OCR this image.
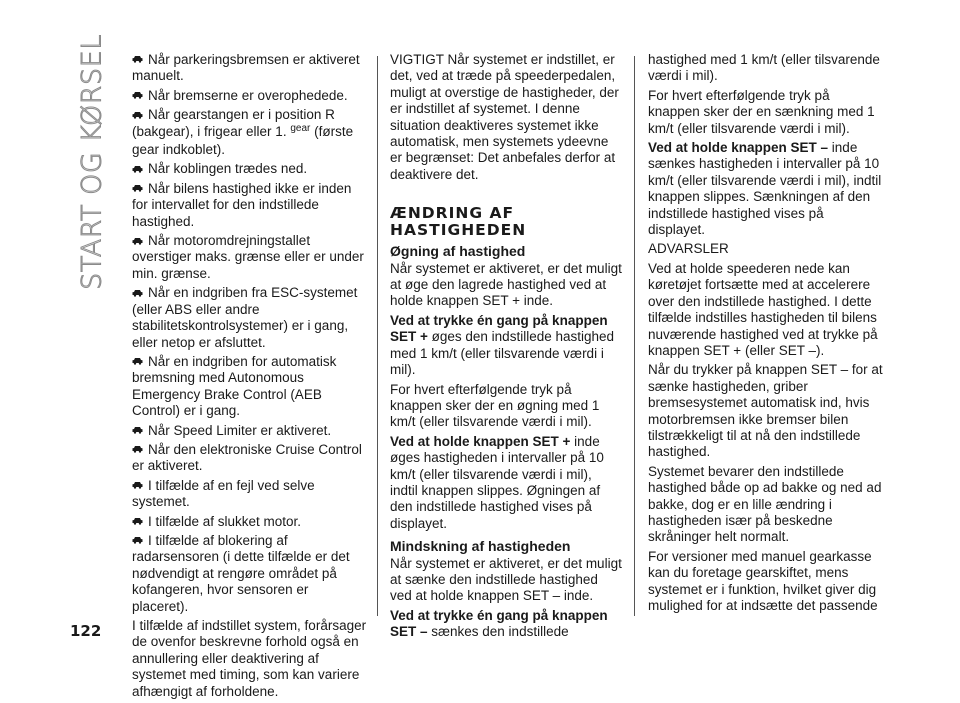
START OG KØRSEL	Når parkeringsbremsen er aktiveret manuelt.

Når bremserne er overophedede.

Når gearstangen er i position R (bakgear), i frigear eller 1. $^{gear}$ (første gear indkoblet).

Når koblingen trædes ned.

Når bilens hastighed ikke er inden for intervallet for den indstillede hastighed.

Når motoromdrejningstallet overstiger maks. grænse eller er under min. grænse.

Når en indgriben fra ESC-systemet (eller ABS eller andre stabilitetskontrolsystemer) er i gang, eller netop er afsluttet.

Når en indgriben for automatisk bremsning med Autonomous Emergency Brake Control (AEB Control) er i gang.

Når Speed Limiter er aktiveret.

Når den elektroniske Cruise Control er aktiveret.

I tilfælde af en fejl ved selve systemet.

I tilfælde af slukket motor.

I tilfælde af blokering af radarsensoren (i dette tilfælde er det nødvendigt at rengøre området på kofangeren, hvor sensoren er placeret).

I tilfælde af indstillet system, forårsager de ovenfor beskrevne forhold også en annullering eller deaktivering af systemet med timing, som kan variere afhængigt af forholdene.

VIGTIGT Når systemet er indstillet, er det, ved at træde på speederpedalen, muligt at overstige de hastigheder, der er indstillet af systemet. I denne situation deaktiveres systemet ikke automatisk, men systemets ydeevne er begrænset: Det anbefales derfor at deaktivere det.

ÆNDRING AF HASTIGHEDEN
Øgning af hastighed

Når systemet er aktiveret, er det muligt at øge den lagrede hastighed ved at holde knappen SET + inde.

Ved at trykke én gang på knappen SET + øges den indstillede hastighed med 1 km/t (eller tilsvarende værdi i mil).

For hvert efterfølgende tryk på knappen sker der en øgning med 1 km/t (eller tilsvarende værdi i mil).

Ved at holde knappen SET + inde øges hastigheden i intervaller på 10 km/t (eller tilsvarende værdi i mil), indtil knappen slippes. Øgningen af den indstillede hastighed vises på displayet.

Mindskning af hastigheden

Når systemet er aktiveret, er det muligt at sænke den indstillede hastighed ved at holde knappen SET – inde.

Ved at trykke én gang på knappen SET – sænkes den indstillede

hastighed med 1 km/t (eller tilsvarende værdi i mil).

For hvert efterfølgende tryk på knappen sker der en sænkning med 1 km/t (eller tilsvarende værdi i mil).

Ved at holde knappen SET – inde sænkes hastigheden i intervaller på 10 km/t (eller tilsvarende værdi i mil), indtil knappen slippes. Sænkningen af den indstillede hastighed vises på displayet.

ADVARSLER

Ved at holde speederen nede kan køretøjet fortsætte med at accelerere over den indstillede hastighed. I dette tilfælde indstilles hastigheden til bilens nuværende hastighed ved at trykke på knappen SET + (eller SET –).

Når du trykker på knappen SET – for at sænke hastigheden, griber bremsesystemet automatisk ind, hvis motorbremsen ikke bremser bilen tilstrækkeligt til at nå den indstillede hastighed.

Systemet bevarer den indstillede hastighed både op ad bakke og ned ad bakke, dog er en lille ændring i hastigheden især på beskedne skråninger helt normalt.

For versioner med manuel gearkasse kan du foretage gearskiftet, mens systemet er i funktion, hvilket giver dig mulighed for at indsætte det passende

122
